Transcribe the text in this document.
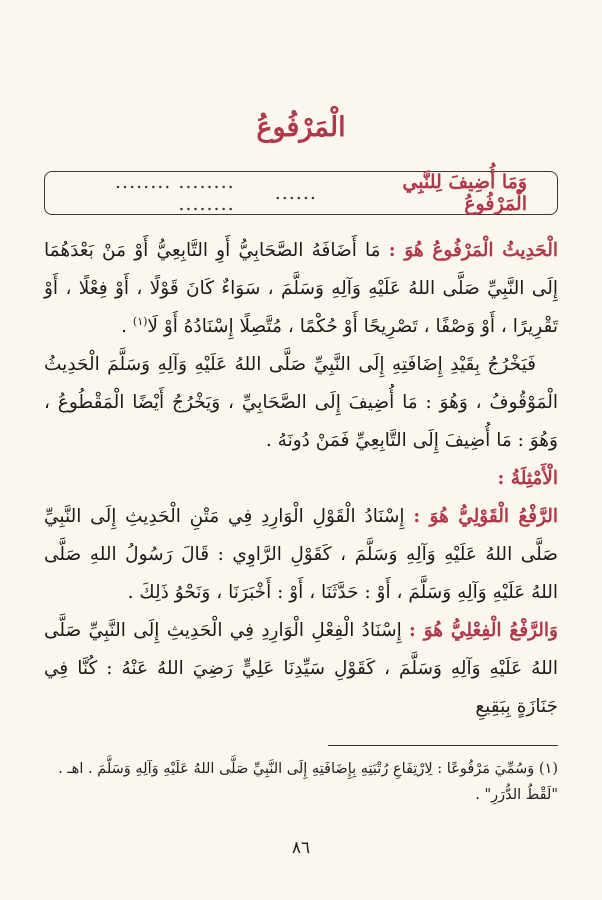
الْمَرْفُوعُ
وَمَا أُضِيفَ لِلنَّبِي الْمَرْفُوعُ
......
........ ........ ........

الْحَدِيثُ الْمَرْفُوعُ هُوَ : مَا أَضَافَهُ الصَّحَابِيُّ أَوِ التَّابِعِيُّ أَوْ مَنْ بَعْدَهُمَا إِلَى النَّبِيِّ صَلَّى اللهُ عَلَيْهِ وَآلِهِ وَسَلَّمَ ، سَوَاءٌ كَانَ قَوْلًا ، أَوْ فِعْلًا ، أَوْ تَقْرِيرًا ، أَوْ وَصْفًا ، تَصْرِيحًا أَوْ حُكْمًا ، مُتَّصِلًا إِسْنَادُهُ أَوْ لَا$^{(١)}$ .

فَيَخْرُجُ بِقَيْدِ إِضَافَتِهِ إِلَى النَّبِيِّ صَلَّى اللهُ عَلَيْهِ وَآلِهِ وَسَلَّمَ الْحَدِيثُ الْمَوْقُوفُ ، وَهُوَ : مَا أُضِيفَ إِلَى الصَّحَابِيِّ ، وَيَخْرُجُ أَيْضًا الْمَقْطُوعُ ، وَهُوَ : مَا أُضِيفَ إِلَى التَّابِعِيِّ فَمَنْ دُونَهُ .

الْأَمْثِلَةُ :

الرَّفْعُ الْقَوْلِيُّ هُوَ : إِسْنَادُ الْقَوْلِ الْوَارِدِ فِي مَتْنِ الْحَدِيثِ إِلَى النَّبِيِّ صَلَّى اللهُ عَلَيْهِ وَآلِهِ وَسَلَّمَ ، كَقَوْلِ الرَّاوِي : قَالَ رَسُولُ اللهِ صَلَّى اللهُ عَلَيْهِ وَآلِهِ وَسَلَّمَ ، أَوْ : حَدَّثَنَا ، أَوْ : أَخْبَرَنَا ، وَنَحْوُ ذَلِكَ .

وَالرَّفْعُ الْفِعْلِيُّ هُوَ : إِسْنَادُ الْفِعْلِ الْوَارِدِ فِي الْحَدِيثِ إِلَى النَّبِيِّ صَلَّى اللهُ عَلَيْهِ وَآلِهِ وَسَلَّمَ ، كَقَوْلِ سَيِّدِنَا عَلِيٍّ رَضِيَ اللهُ عَنْهُ : كُنَّا فِي جَنَازَةٍ بِبَقِيعِ

(١) وَسُمِّيَ مَرْفُوعًا : لِارْتِفَاعِ رُتْبَتِهِ بِإِضَافَتِهِ إِلَى النَّبِيِّ صَلَّى اللهُ عَلَيْهِ وَآلِهِ وَسَلَّمَ . اهـ .

"لَقْطُ الدُّرَرِ" .

٨٦
